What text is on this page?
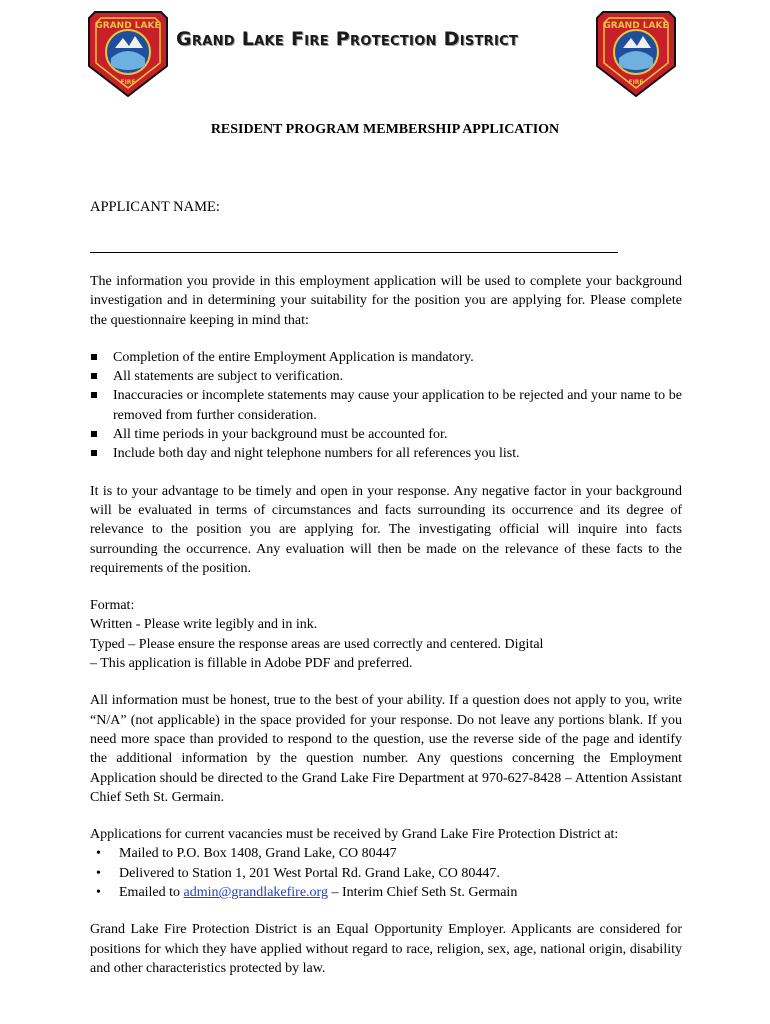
GRAND LAKE
FIRE
Grand Lake Fire Protection District
GRAND LAKE
FIRE
RESIDENT PROGRAM MEMBERSHIP APPLICATION
APPLICANT NAME:

The information you provide in this employment application will be used to complete your background investigation and in determining your suitability for the position you are applying for. Please complete the questionnaire keeping in mind that:

Completion of the entire Employment Application is mandatory.
All statements are subject to verification.
Inaccuracies or incomplete statements may cause your application to be rejected and your name to be removed from further consideration.
All time periods in your background must be accounted for.
Include both day and night telephone numbers for all references you list.

It is to your advantage to be timely and open in your response. Any negative factor in your background will be evaluated in terms of circumstances and facts surrounding its occurrence and its degree of relevance to the position you are applying for. The investigating official will inquire into facts surrounding the occurrence. Any evaluation will then be made on the relevance of these facts to the requirements of the position.

Format:
Written - Please write legibly and in ink.
Typed – Please ensure the response areas are used correctly and centered. Digital
– This application is fillable in Adobe PDF and preferred.

All information must be honest, true to the best of your ability. If a question does not apply to you, write “N/A” (not applicable) in the space provided for your response. Do not leave any portions blank. If you need more space than provided to respond to the question, use the reverse side of the page and identify the additional information by the question number. Any questions concerning the Employment Application should be directed to the Grand Lake Fire Department at 970-627-8428 – Attention Assistant Chief Seth St. Germain.

Applications for current vacancies must be received by Grand Lake Fire Protection District at:

• Mailed to P.O. Box 1408, Grand Lake, CO 80447
• Delivered to Station 1, 201 West Portal Rd. Grand Lake, CO 80447.
• Emailed to admin@grandlakefire.org – Interim Chief Seth St. Germain

Grand Lake Fire Protection District is an Equal Opportunity Employer. Applicants are considered for positions for which they have applied without regard to race, religion, sex, age, national origin, disability and other characteristics protected by law.
